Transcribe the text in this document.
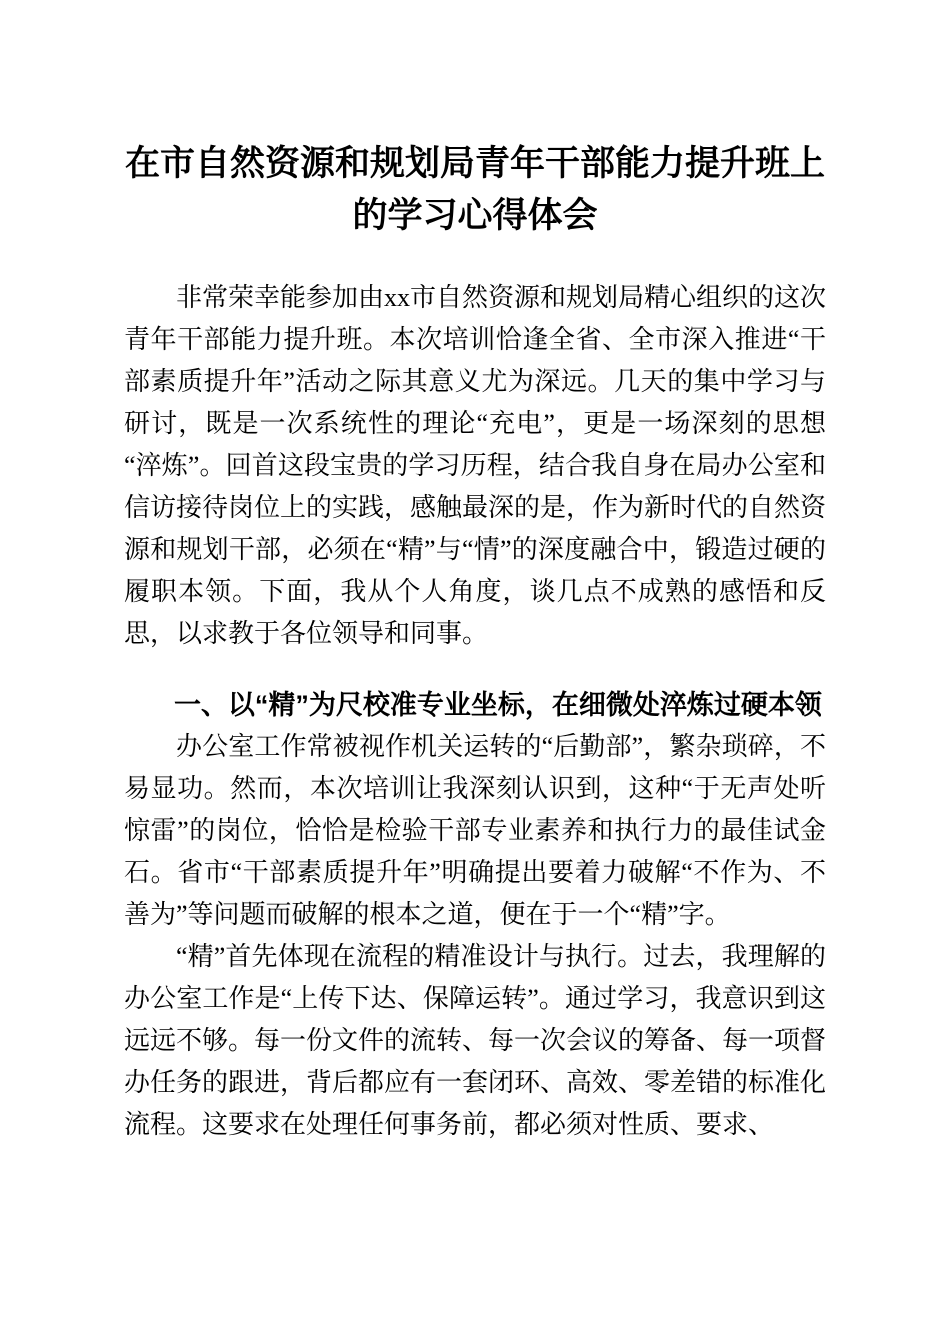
在市自然资源和规划局青年干部能力提升班上的学习心得体会

非常荣幸能参加由xx市自然资源和规划局精心组织的这次青年干部能力提升班。本次培训恰逢全省、全市深入推进“干部素质提升年”活动之际其意义尤为深远。几天的集中学习与研讨，既是一次系统性的理论“充电”，更是一场深刻的思想“淬炼”。回首这段宝贵的学习历程，结合我自身在局办公室和信访接待岗位上的实践，感触最深的是，作为新时代的自然资源和规划干部，必须在“精”与“情”的深度融合中，锻造过硬的履职本领。下面，我从个人角度，谈几点不成熟的感悟和反思，以求教于各位领导和同事。

一、以“精”为尺校准专业坐标，在细微处淬炼过硬本领

办公室工作常被视作机关运转的“后勤部”，繁杂琐碎，不易显功。然而，本次培训让我深刻认识到，这种“于无声处听惊雷”的岗位，恰恰是检验干部专业素养和执行力的最佳试金石。省市“干部素质提升年”明确提出要着力破解“不作为、不善为”等问题而破解的根本之道，便在于一个“精”字。

“精”首先体现在流程的精准设计与执行。过去，我理解的办公室工作是“上传下达、保障运转”。通过学习，我意识到这远远不够。每一份文件的流转、每一次会议的筹备、每一项督办任务的跟进，背后都应有一套闭环、高效、零差错的标准化流程。这要求在处理任何事务前，都必须对性质、要求、
